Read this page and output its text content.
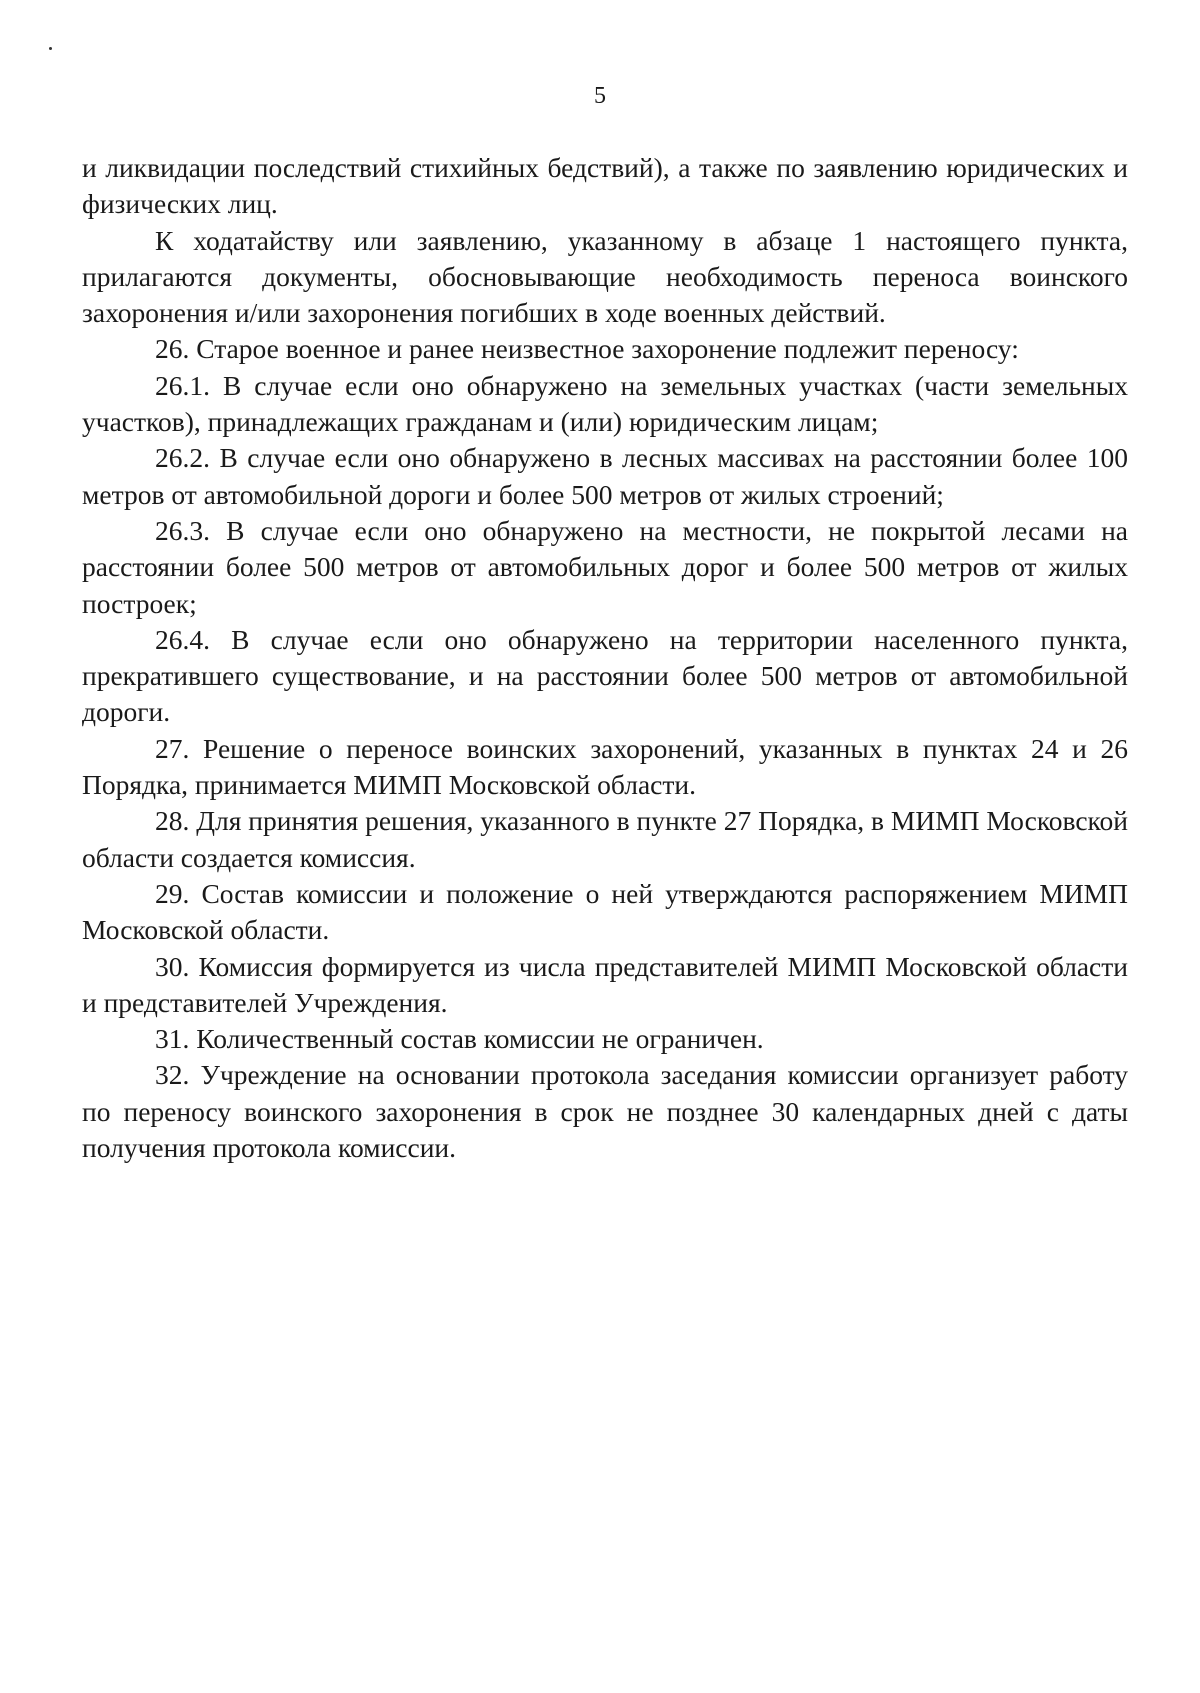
5

и ликвидации последствий стихийных бедствий), а также по заявлению юридических и физических лиц.

К ходатайству или заявлению, указанному в абзаце 1 настоящего пункта, прилагаются документы, обосновывающие необходимость переноса воинского захоронения и/или захоронения погибших в ходе военных действий.

26. Старое военное и ранее неизвестное захоронение подлежит переносу:

26.1. В случае если оно обнаружено на земельных участках (части земельных участков), принадлежащих гражданам и (или) юридическим лицам;

26.2. В случае если оно обнаружено в лесных массивах на расстоянии более 100 метров от автомобильной дороги и более 500 метров от жилых строений;

26.3. В случае если оно обнаружено на местности, не покрытой лесами на расстоянии более 500 метров от автомобильных дорог и более 500 метров от жилых построек;

26.4. В случае если оно обнаружено на территории населенного пункта, прекратившего существование, и на расстоянии более 500 метров от автомобильной дороги.

27. Решение о переносе воинских захоронений, указанных в пунктах 24 и 26 Порядка, принимается МИМП Московской области.

28. Для принятия решения, указанного в пункте 27 Порядка, в МИМП Московской области создается комиссия.

29. Состав комиссии и положение о ней утверждаются распоряжением МИМП Московской области.

30. Комиссия формируется из числа представителей МИМП Московской области и представителей Учреждения.

31. Количественный состав комиссии не ограничен.

32. Учреждение на основании протокола заседания комиссии организует работу по переносу воинского захоронения в срок не позднее 30 календарных дней с даты получения протокола комиссии.
